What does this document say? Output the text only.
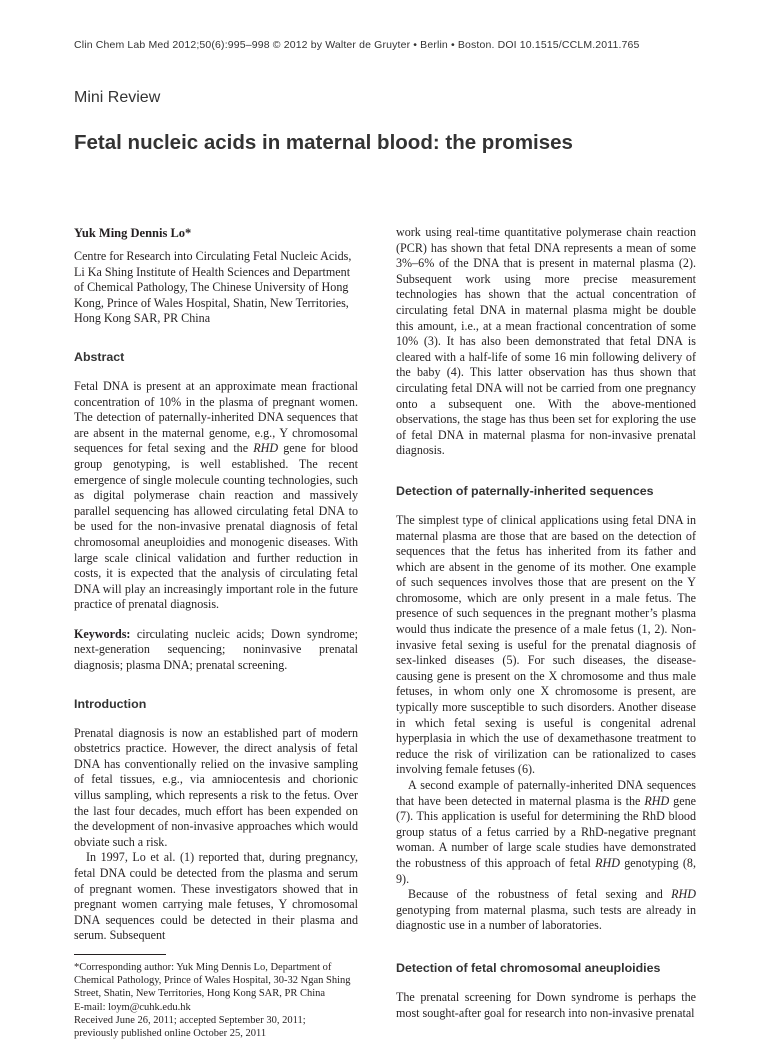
Clin Chem Lab Med 2012;50(6):995–998 © 2012 by Walter de Gruyter • Berlin • Boston. DOI 10.1515/CCLM.2011.765
Mini Review
Fetal nucleic acids in maternal blood: the promises
Yuk Ming Dennis Lo*

Centre for Research into Circulating Fetal Nucleic Acids, Li Ka Shing Institute of Health Sciences and Department of Chemical Pathology, The Chinese University of Hong Kong, Prince of Wales Hospital, Shatin, New Territories, Hong Kong SAR, PR China

Abstract

Fetal DNA is present at an approximate mean fractional concentration of 10% in the plasma of pregnant women. The detection of paternally-inherited DNA sequences that are absent in the maternal genome, e.g., Y chromosomal sequences for fetal sexing and the RHD gene for blood group genotyping, is well established. The recent emergence of single molecule counting technologies, such as digital polymerase chain reaction and massively parallel sequencing has allowed circulating fetal DNA to be used for the non-invasive prenatal diagnosis of fetal chromosomal aneuploidies and monogenic diseases. With large scale clinical validation and further reduction in costs, it is expected that the analysis of circulating fetal DNA will play an increasingly important role in the future practice of prenatal diagnosis.

Keywords: circulating nucleic acids; Down syndrome; next-generation sequencing; noninvasive prenatal diagnosis; plasma DNA; prenatal screening.

Introduction

Prenatal diagnosis is now an established part of modern obstetrics practice. However, the direct analysis of fetal DNA has conventionally relied on the invasive sampling of fetal tissues, e.g., via amniocentesis and chorionic villus sampling, which represents a risk to the fetus. Over the last four decades, much effort has been expended on the development of non-invasive approaches which would obviate such a risk.

In 1997, Lo et al. (1) reported that, during pregnancy, fetal DNA could be detected from the plasma and serum of pregnant women. These investigators showed that in pregnant women carrying male fetuses, Y chromosomal DNA sequences could be detected in their plasma and serum. Subsequent

*Corresponding author: Yuk Ming Dennis Lo, Department of Chemical Pathology, Prince of Wales Hospital, 30-32 Ngan Shing Street, Shatin, New Territories, Hong Kong SAR, PR China

E-mail: loym@cuhk.edu.hk

Received June 26, 2011; accepted September 30, 2011;

previously published online October 25, 2011

work using real-time quantitative polymerase chain reaction (PCR) has shown that fetal DNA represents a mean of some 3%–6% of the DNA that is present in maternal plasma (2). Subsequent work using more precise measurement technologies has shown that the actual concentration of circulating fetal DNA in maternal plasma might be double this amount, i.e., at a mean fractional concentration of some 10% (3). It has also been demonstrated that fetal DNA is cleared with a half-life of some 16 min following delivery of the baby (4). This latter observation has thus shown that circulating fetal DNA will not be carried from one pregnancy onto a subsequent one. With the above-mentioned observations, the stage has thus been set for exploring the use of fetal DNA in maternal plasma for non-invasive prenatal diagnosis.

Detection of paternally-inherited sequences

The simplest type of clinical applications using fetal DNA in maternal plasma are those that are based on the detection of sequences that the fetus has inherited from its father and which are absent in the genome of its mother. One example of such sequences involves those that are present on the Y chromosome, which are only present in a male fetus. The presence of such sequences in the pregnant mother’s plasma would thus indicate the presence of a male fetus (1, 2). Non-invasive fetal sexing is useful for the prenatal diagnosis of sex-linked diseases (5). For such diseases, the disease-causing gene is present on the X chromosome and thus male fetuses, in whom only one X chromosome is present, are typically more susceptible to such disorders. Another disease in which fetal sexing is useful is congenital adrenal hyperplasia in which the use of dexamethasone treatment to reduce the risk of virilization can be rationalized to cases involving female fetuses (6).

A second example of paternally-inherited DNA sequences that have been detected in maternal plasma is the RHD gene (7). This application is useful for determining the RhD blood group status of a fetus carried by a RhD-negative pregnant woman. A number of large scale studies have demonstrated the robustness of this approach of fetal RHD genotyping (8, 9).

Because of the robustness of fetal sexing and RHD genotyping from maternal plasma, such tests are already in diagnostic use in a number of laboratories.

Detection of fetal chromosomal aneuploidies

The prenatal screening for Down syndrome is perhaps the most sought-after goal for research into non-invasive prenatal
